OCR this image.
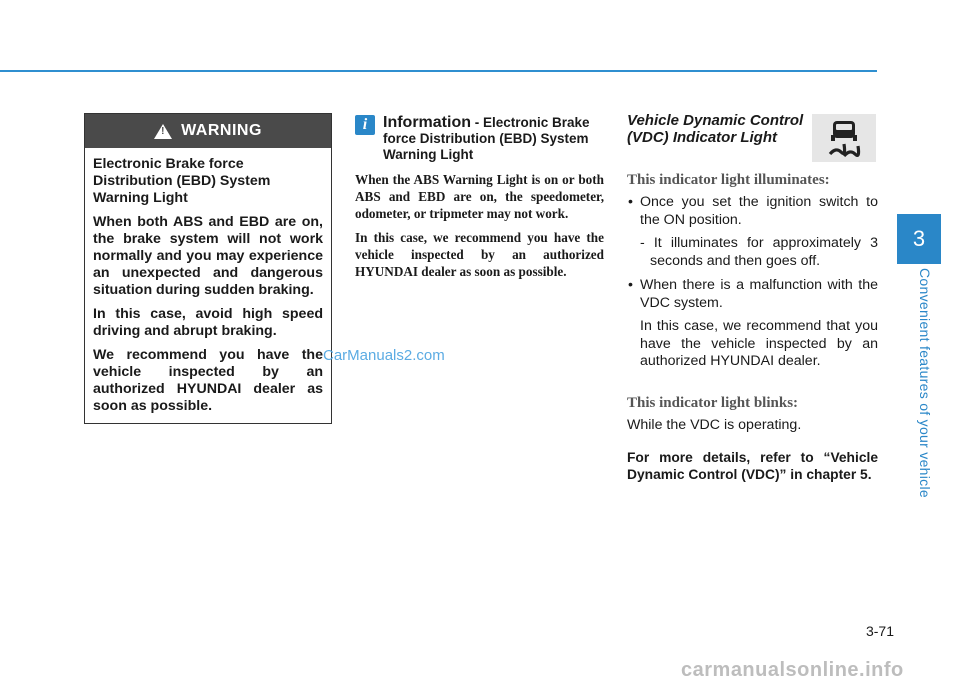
3
Convenient features of your vehicle
!
WARNING

Electronic Brake force Distribution (EBD) System Warning Light

When both ABS and EBD are on, the brake system will not work normally and you may experience an unexpected and dangerous situation during sudden braking.

In this case, avoid high speed driving and abrupt braking.

We recommend you have the vehicle inspected by an authorized HYUNDAI dealer as soon as possible.

i Information - Electronic Brake force Distribution (EBD) System Warning Light

When the ABS Warning Light is on or both ABS and EBD are on, the speedometer, odometer, or tripmeter may not work.

In this case, we recommend you have the vehicle inspected by an authorized HYUNDAI dealer as soon as possible.

Vehicle Dynamic Control (VDC) Indicator Light
This indicator light illuminates:
• Once you set the ignition switch to the ON position.
- It illuminates for approximately 3 seconds and then goes off.
• When there is a malfunction with the VDC system.
In this case, we recommend that you have the vehicle inspected by an authorized HYUNDAI dealer.
This indicator light blinks:
While the VDC is operating.
For more details, refer to “Vehicle Dynamic Control (VDC)” in chapter 5.
3-71
CarManuals2.com
carmanualsonline.info
